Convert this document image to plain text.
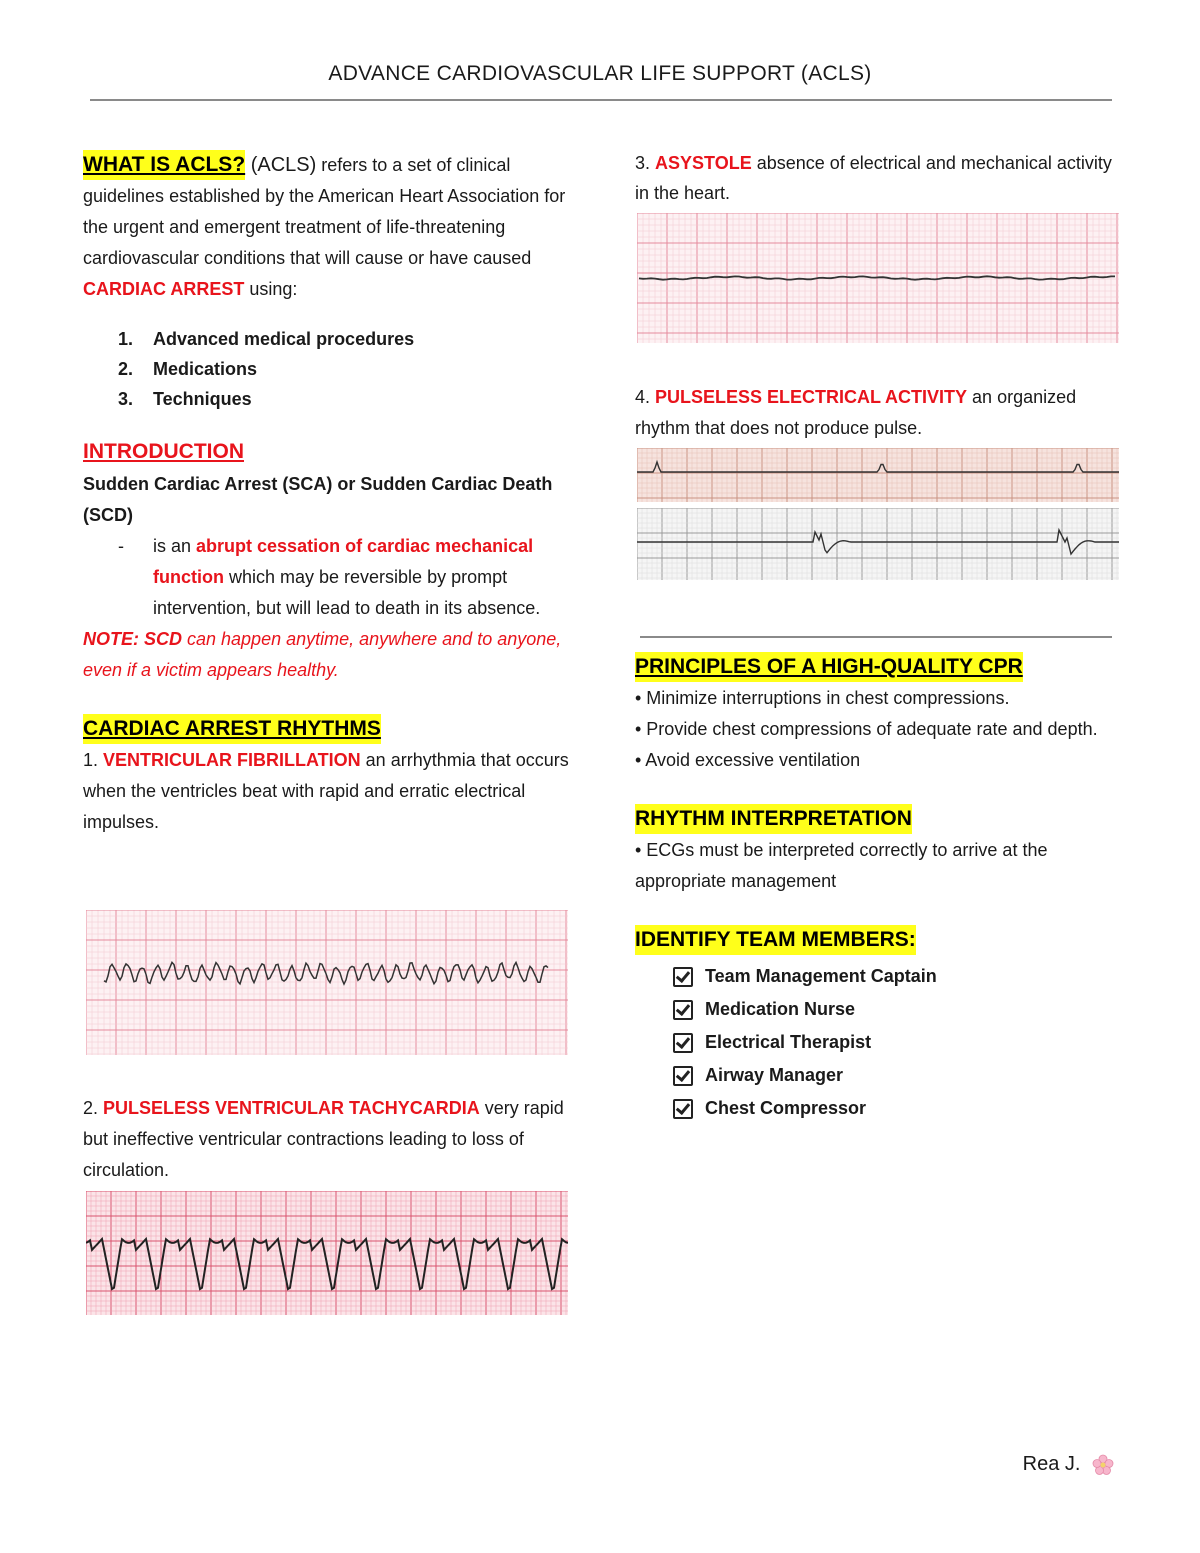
ADVANCE CARDIOVASCULAR LIFE SUPPORT (ACLS)
WHAT IS ACLS? (ACLS) refers to a set of clinical guidelines established by the American Heart Association for the urgent and emergent treatment of life-threatening cardiovascular conditions that will cause or have caused CARDIAC ARREST using:
1. Advanced medical procedures
2. Medications
3. Techniques
INTRODUCTION
Sudden Cardiac Arrest (SCA) or Sudden Cardiac Death (SCD)
- is an abrupt cessation of cardiac mechanical function which may be reversible by prompt intervention, but will lead to death in its absence.
NOTE: SCD can happen anytime, anywhere and to anyone, even if a victim appears healthy.
CARDIAC ARREST RHYTHMS
1. VENTRICULAR FIBRILLATION an arrhythmia that occurs when the ventricles beat with rapid and erratic electrical impulses.
2. PULSELESS VENTRICULAR TACHYCARDIA very rapid but ineffective ventricular contractions leading to loss of circulation.
3. ASYSTOLE absence of electrical and mechanical activity in the heart.
4. PULSELESS ELECTRICAL ACTIVITY an organized rhythm that does not produce pulse.
PRINCIPLES OF A HIGH-QUALITY CPR
• Minimize interruptions in chest compressions.
• Provide chest compressions of adequate rate and depth.
• Avoid excessive ventilation
RHYTHM INTERPRETATION
• ECGs must be interpreted correctly to arrive at the appropriate management
IDENTIFY TEAM MEMBERS:
Team Management Captain
Medication Nurse
Electrical Therapist
Airway Manager
Chest Compressor
Rea J.
